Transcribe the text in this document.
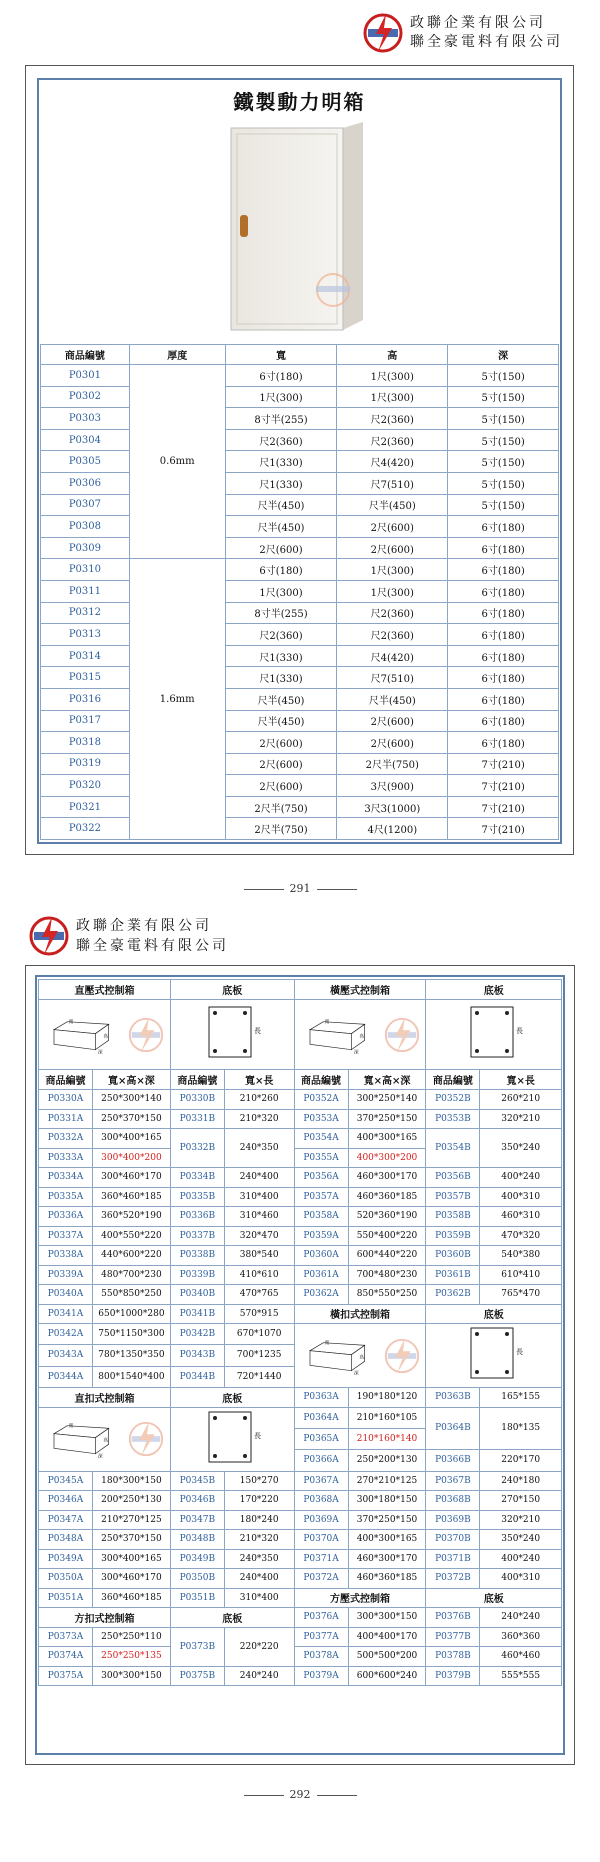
政聯企業有限公司
聯全豪電料有限公司
鐵製動力明箱
商品編號	厚度	寬	高	深
P0301	0.6mm	6寸(180)	1尺(300)	5寸(150)
P0302		1尺(300)	1尺(300)	5寸(150)
P0303		8寸半(255)	尺2(360)	5寸(150)
P0304		尺2(360)	尺2(360)	5寸(150)
P0305		尺1(330)	尺4(420)	5寸(150)
P0306		尺1(330)	尺7(510)	5寸(150)
P0307		尺半(450)	尺半(450)	5寸(150)
P0308		尺半(450)	2尺(600)	6寸(180)
P0309		2尺(600)	2尺(600)	6寸(180)
P0310	1.6mm	6寸(180)	1尺(300)	6寸(180)
P0311		1尺(300)	1尺(300)	6寸(180)
P0312		8寸半(255)	尺2(360)	6寸(180)
P0313		尺2(360)	尺2(360)	6寸(180)
P0314		尺1(330)	尺4(420)	6寸(180)
P0315		尺1(330)	尺7(510)	6寸(180)
P0316		尺半(450)	尺半(450)	6寸(180)
P0317		尺半(450)	2尺(600)	6寸(180)
P0318		2尺(600)	2尺(600)	6寸(180)
P0319		2尺(600)	2尺半(750)	7寸(210)
P0320		2尺(600)	3尺(900)	7寸(210)
P0321		2尺半(750)	3尺3(1000)	7寸(210)
P0322		2尺半(750)	4尺(1200)	7寸(210)
291
政聯企業有限公司
聯全豪電料有限公司
直壓式控制箱		底板		橫壓式控制箱		底板	

寬
高
深		長		寬
高
深		長	

商品編號	寬×高×深	商品編號	寬×長	商品編號	寬×高×深	商品編號	寬×長
P0330A	250*300*140	P0330B	210*260	P0352A	300*250*140	P0352B	260*210
P0331A	250*370*150	P0331B	210*320	P0353A	370*250*150	P0353B	320*210
P0332A	300*400*165	P0332B	240*350	P0354A	400*300*165	P0354B	350*240
P0333A	300*400*200			P0355A	400*300*200		
P0334A	300*460*170	P0334B	240*400	P0356A	460*300*170	P0356B	400*240
P0335A	360*460*185	P0335B	310*400	P0357A	460*360*185	P0357B	400*310
P0336A	360*520*190	P0336B	310*460	P0358A	520*360*190	P0358B	460*310
P0337A	400*550*220	P0337B	320*470	P0359A	550*400*220	P0359B	470*320
P0338A	440*600*220	P0338B	380*540	P0360A	600*440*220	P0360B	540*380
P0339A	480*700*230	P0339B	410*610	P0361A	700*480*230	P0361B	610*410
P0340A	550*850*250	P0340B	470*765	P0362A	850*550*250	P0362B	765*470
P0341A	650*1000*280	P0341B	570*915	橫扣式控制箱		底板	
P0342A	750*1150*300	P0342B	670*1070	寬
高
深		長	

P0343A	780*1350*350	P0343B	700*1235				
P0344A	800*1540*400	P0344B	720*1440				
直扣式控制箱		底板		P0363A	190*180*120	P0363B	165*155

寬
高
深		長		P0364A	210*160*105	P0364B	180*135
				P0365A	210*160*140		
				P0366A	250*200*130	P0366B	220*170
P0345A	180*300*150	P0345B	150*270	P0367A	270*210*125	P0367B	240*180
P0346A	200*250*130	P0346B	170*220	P0368A	300*180*150	P0368B	270*150
P0347A	210*270*125	P0347B	180*240	P0369A	370*250*150	P0369B	320*210
P0348A	250*370*150	P0348B	210*320	P0370A	400*300*165	P0370B	350*240
P0349A	300*400*165	P0349B	240*350	P0371A	460*300*170	P0371B	400*240
P0350A	300*460*170	P0350B	240*400	P0372A	460*360*185	P0372B	400*310
P0351A	360*460*185	P0351B	310*400	方壓式控制箱		底板	
方扣式控制箱		底板		P0376A	300*300*150	P0376B	240*240
P0373A	250*250*110	P0373B	220*220	P0377A	400*400*170	P0377B	360*360
P0374A	250*250*135			P0378A	500*500*200	P0378B	460*460
P0375A	300*300*150	P0375B	240*240	P0379A	600*600*240	P0379B	555*555
292
